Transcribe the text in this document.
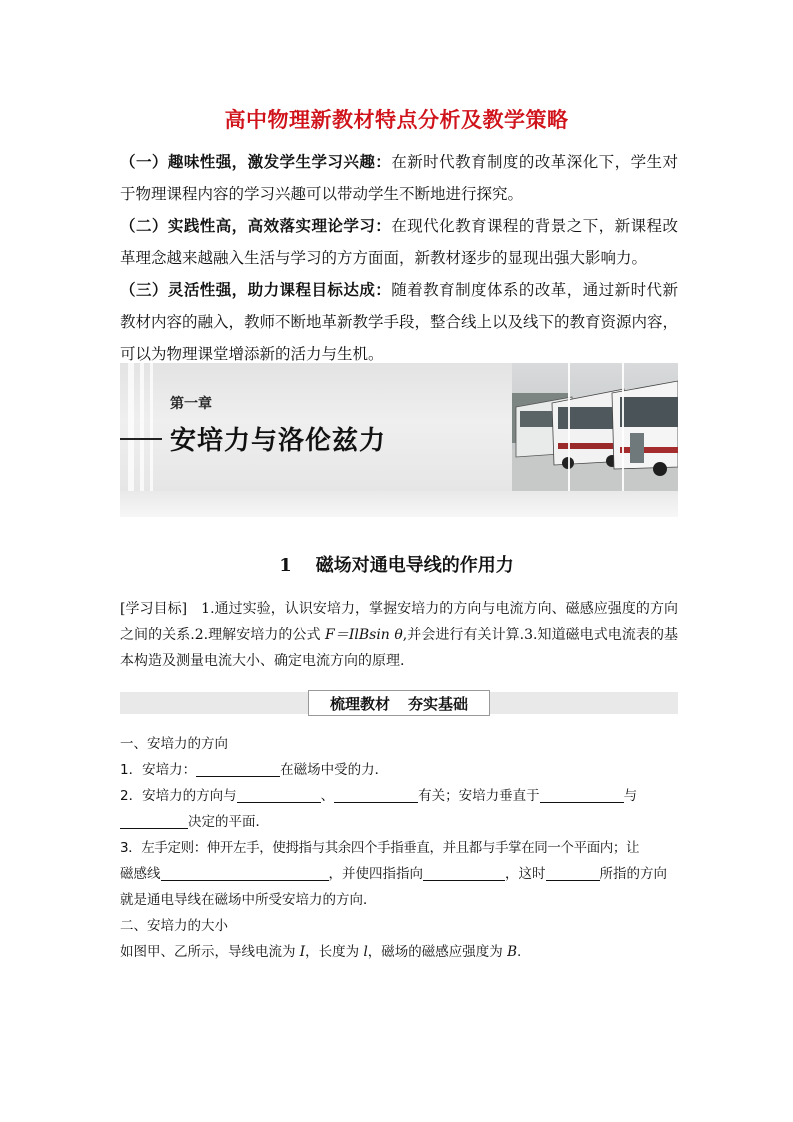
高中物理新教材特点分析及教学策略

（一）趣味性强，激发学生学习兴趣：在新时代教育制度的改革深化下，学生对于物理课程内容的学习兴趣可以带动学生不断地进行探究。

（二）实践性高，高效落实理论学习：在现代化教育课程的背景之下，新课程改革理念越来越融入生活与学习的方方面面，新教材逐步的显现出强大影响力。

（三）灵活性强，助力课程目标达成：随着教育制度体系的改革，通过新时代新教材内容的融入，教师不断地革新教学手段，整合线上以及线下的教育资源内容，可以为物理课堂增添新的活力与生机。

第一章
安培力与洛伦兹力
1 磁场对通电导线的作用力
[学习目标] 1.通过实验，认识安培力，掌握安培力的方向与电流方向、磁感应强度的方向之间的关系.2.理解安培力的公式 F＝IlBsin θ,并会进行有关计算.3.知道磁电式电流表的基本构造及测量电流大小、确定电流方向的原理.
梳理教材 夯实基础

一、安培力的方向

1．安培力：	在磁场中受的力．

2．安培力的方向与	、	有关；安培力垂直于	与

决定的平面．

3．左手定则：伸开左手，使拇指与其余四个手指垂直，并且都与手掌在同一个平面内；让

磁感线	，并使四指指向	，这时	所指的方向

就是通电导线在磁场中所受安培力的方向．

二、安培力的大小

如图甲、乙所示，导线电流为 I，长度为 l，磁场的磁感应强度为 B.
